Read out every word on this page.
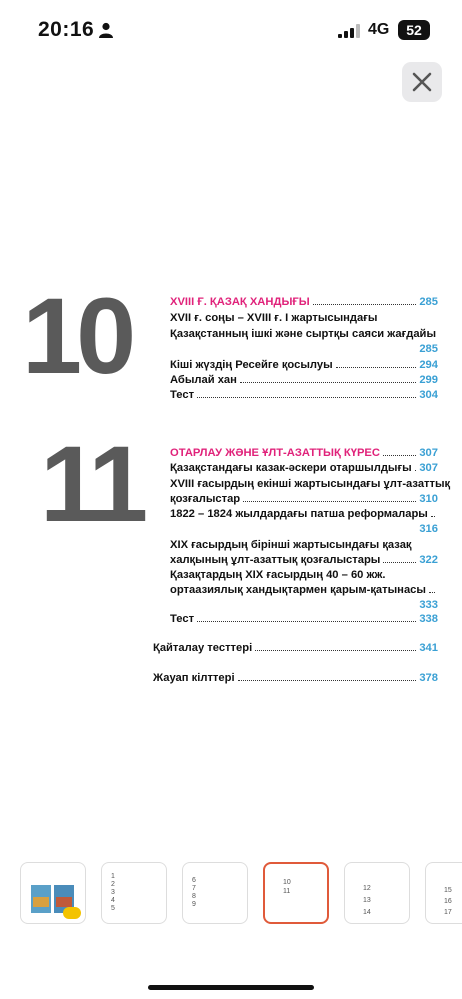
20:16	4G	52
10	XVIII Ғ. ҚАЗАҚ ХАНДЫҒЫ	285
XVII ғ. соңы – XVIII ғ. I жартысындағы
Қазақстанның ішкі және сыртқы саяси жағдайы
285
Кіші жүздің Ресейге қосылуы	294
Абылай хан	299
Тест	304
11 ОТАРЛАУ ЖӘНЕ ҰЛТ-АЗАТТЫҚ КҮРЕС	307
Қазақстандағы казак-әскери отаршылдығы 307
XVIII ғасырдың екінші жартысындағы ұлт-азаттық
қозғалыстар	310
1822 – 1824 жылдардағы патша реформалары
316
XIX ғасырдың бірінші жартысындағы қазақ
халқының ұлт-азаттық қозғалыстары	322
Қазақтардың XIX ғасырдың 40 – 60 жж.
ортаазиялық хандықтармен қарым-қатынасы
333
Тест	338
Қайталау тесттері	341
Жауап кілттері	378
1
2
3
4
5
6
7
8
9
10
11	12
13
14
15
16
17
